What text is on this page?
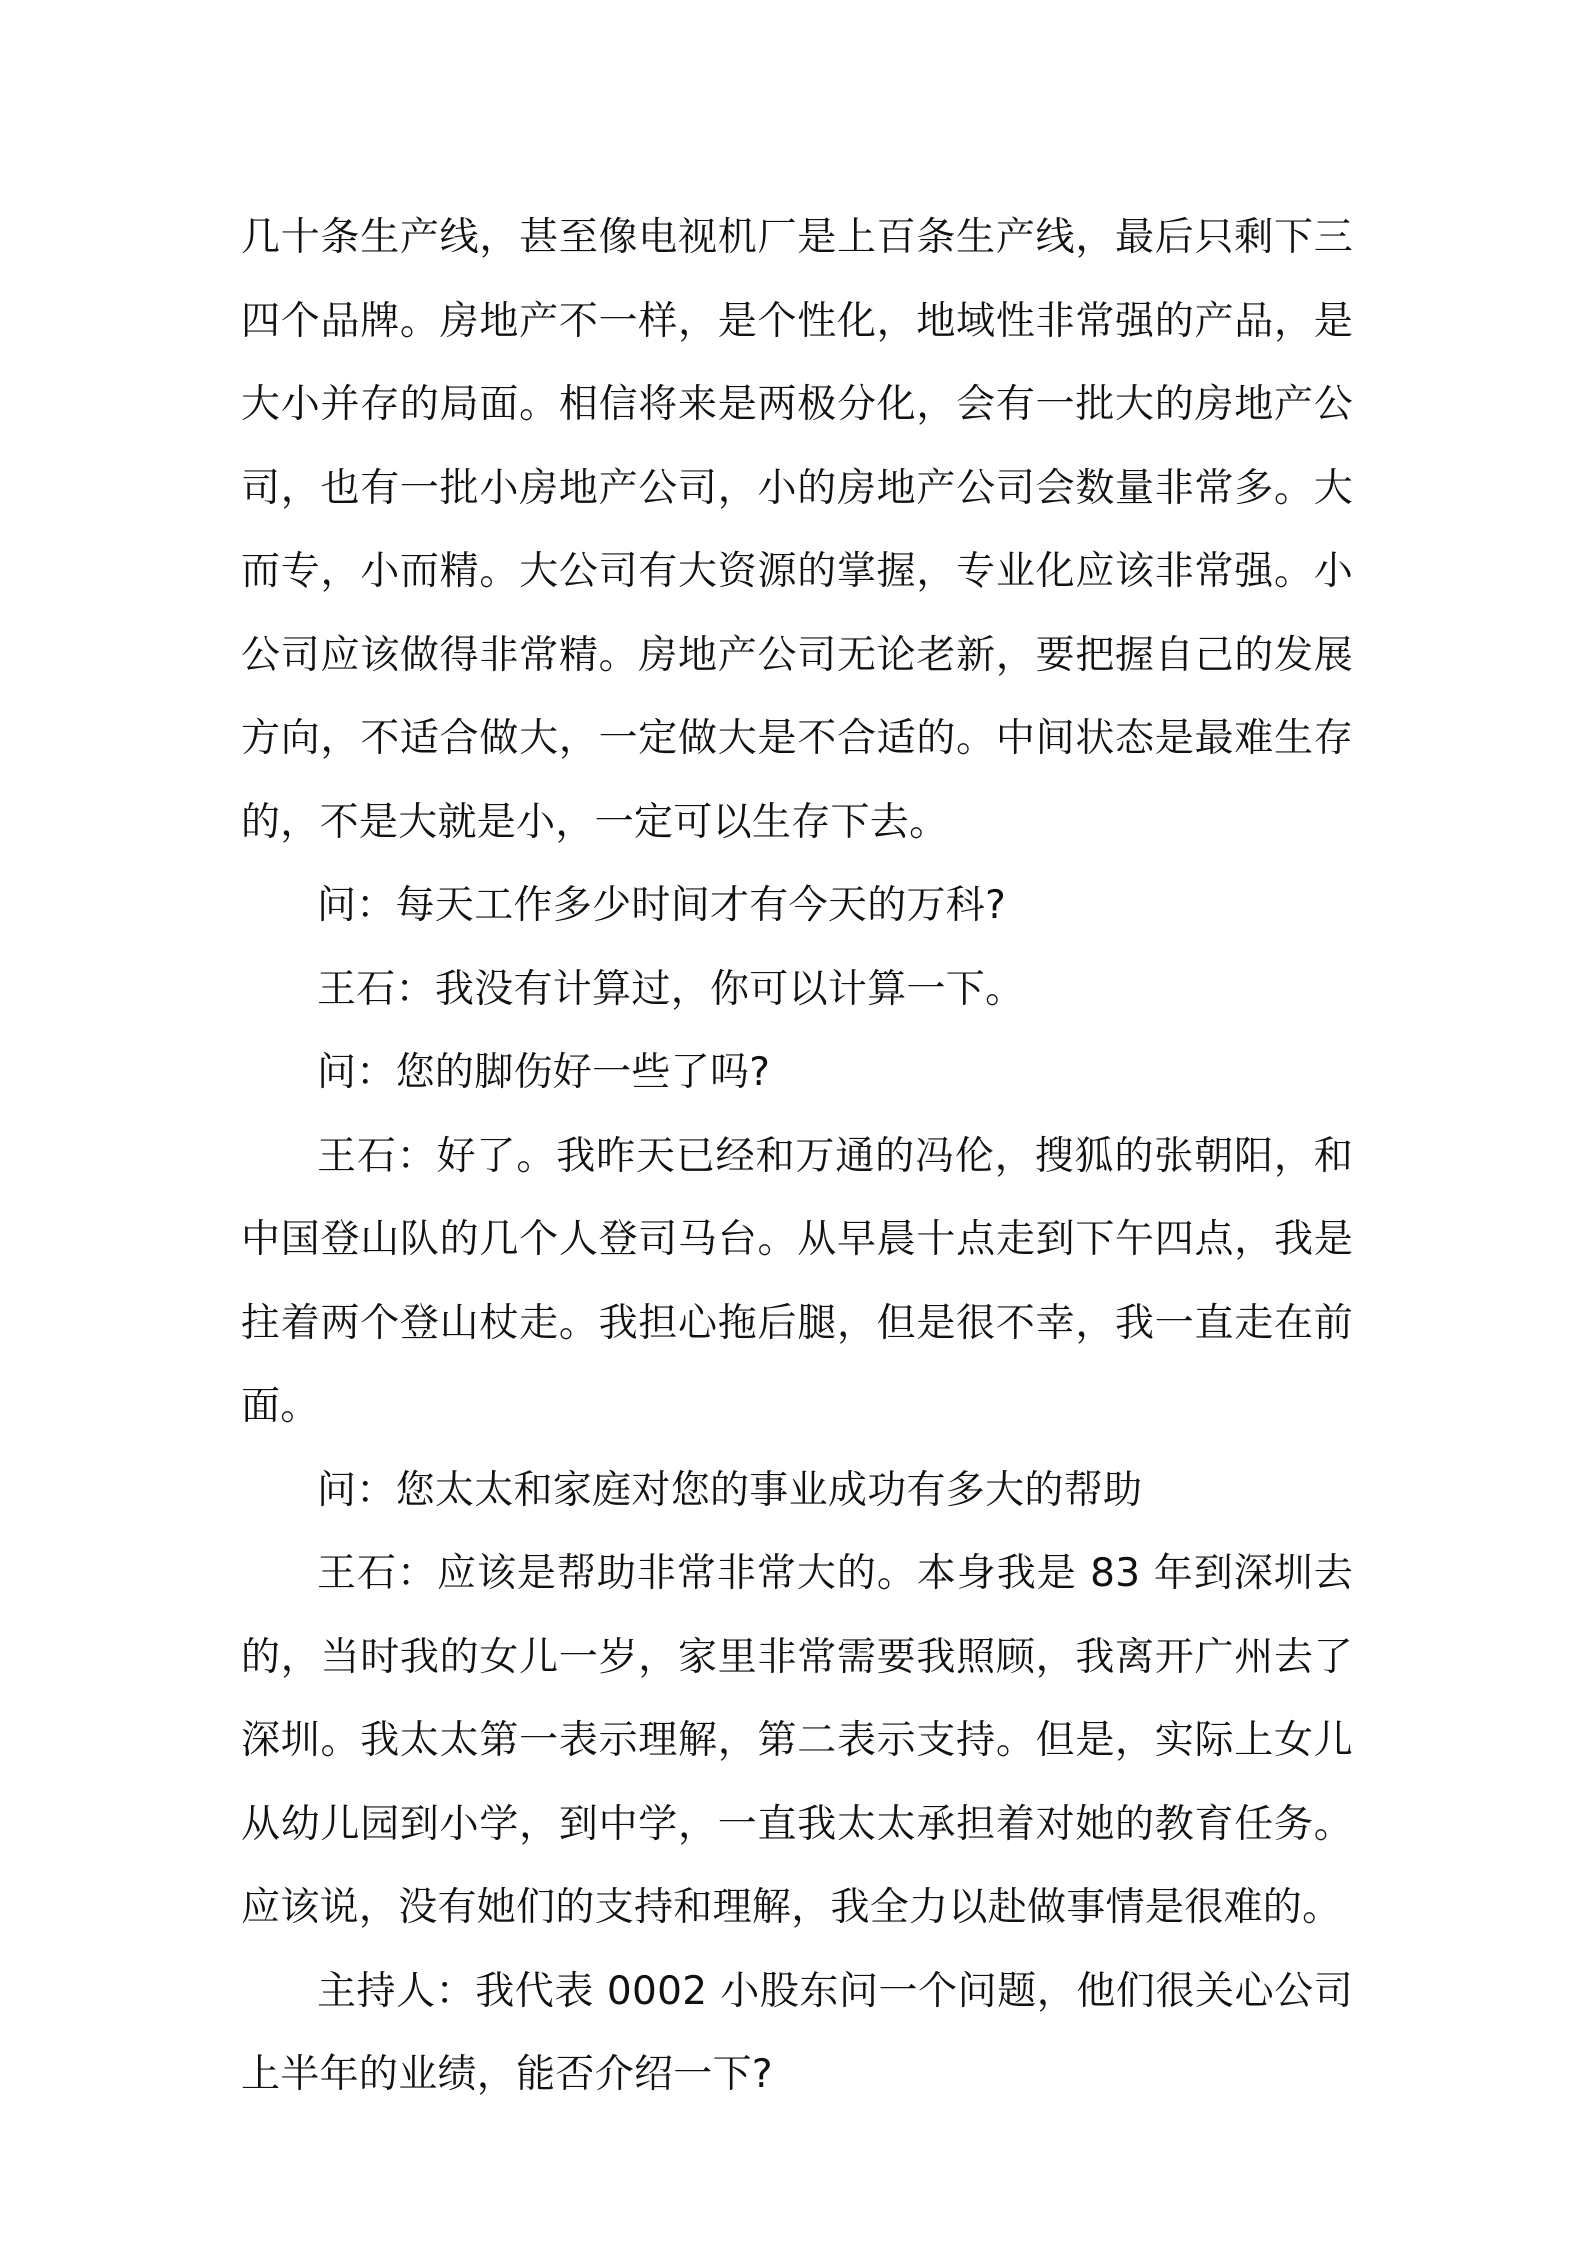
几十条生产线，甚至像电视机厂是上百条生产线，最后只剩下三四个品牌。房地产不一样，是个性化，地域性非常强的产品，是大小并存的局面。相信将来是两极分化，会有一批大的房地产公司，也有一批小房地产公司，小的房地产公司会数量非常多。大而专，小而精。大公司有大资源的掌握，专业化应该非常强。小公司应该做得非常精。房地产公司无论老新，要把握自己的发展方向，不适合做大，一定做大是不合适的。中间状态是最难生存的，不是大就是小，一定可以生存下去。

问：每天工作多少时间才有今天的万科?

王石：我没有计算过，你可以计算一下。

问：您的脚伤好一些了吗?

王石：好了。我昨天已经和万通的冯伦，搜狐的张朝阳，和中国登山队的几个人登司马台。从早晨十点走到下午四点，我是拄着两个登山杖走。我担心拖后腿，但是很不幸，我一直走在前面。

问：您太太和家庭对您的事业成功有多大的帮助

王石：应该是帮助非常非常大的。本身我是 83 年到深圳去的，当时我的女儿一岁，家里非常需要我照顾，我离开广州去了深圳。我太太第一表示理解，第二表示支持。但是，实际上女儿从幼儿园到小学，到中学，一直我太太承担着对她的教育任务。应该说，没有她们的支持和理解，我全力以赴做事情是很难的。

主持人：我代表 0002 小股东问一个问题，他们很关心公司上半年的业绩，能否介绍一下?
